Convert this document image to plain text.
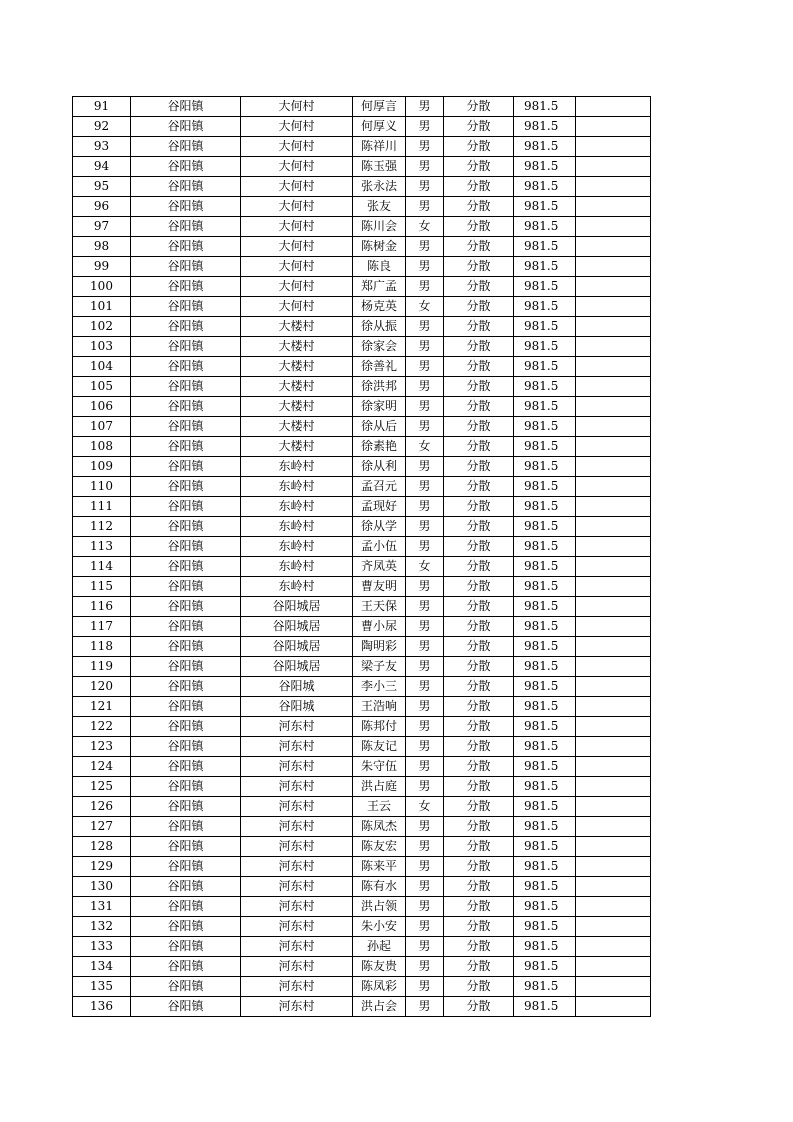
91	谷阳镇	大何村	何厚言	男	分散	981.5	
92	谷阳镇	大何村	何厚义	男	分散	981.5	
93	谷阳镇	大何村	陈祥川	男	分散	981.5	
94	谷阳镇	大何村	陈玉强	男	分散	981.5	
95	谷阳镇	大何村	张永法	男	分散	981.5	
96	谷阳镇	大何村	张友	男	分散	981.5	
97	谷阳镇	大何村	陈川会	女	分散	981.5	
98	谷阳镇	大何村	陈树金	男	分散	981.5	
99	谷阳镇	大何村	陈良	男	分散	981.5	
100	谷阳镇	大何村	郑广孟	男	分散	981.5	
101	谷阳镇	大何村	杨克英	女	分散	981.5	
102	谷阳镇	大楼村	徐从振	男	分散	981.5	
103	谷阳镇	大楼村	徐家会	男	分散	981.5	
104	谷阳镇	大楼村	徐善礼	男	分散	981.5	
105	谷阳镇	大楼村	徐洪邦	男	分散	981.5	
106	谷阳镇	大楼村	徐家明	男	分散	981.5	
107	谷阳镇	大楼村	徐从后	男	分散	981.5	
108	谷阳镇	大楼村	徐素艳	女	分散	981.5	
109	谷阳镇	东岭村	徐从利	男	分散	981.5	
110	谷阳镇	东岭村	孟召元	男	分散	981.5	
111	谷阳镇	东岭村	孟现好	男	分散	981.5	
112	谷阳镇	东岭村	徐从学	男	分散	981.5	
113	谷阳镇	东岭村	孟小伍	男	分散	981.5	
114	谷阳镇	东岭村	齐凤英	女	分散	981.5	
115	谷阳镇	东岭村	曹友明	男	分散	981.5	
116	谷阳镇	谷阳城居	王天保	男	分散	981.5	
117	谷阳镇	谷阳城居	曹小尿	男	分散	981.5	
118	谷阳镇	谷阳城居	陶明彩	男	分散	981.5	
119	谷阳镇	谷阳城居	梁子友	男	分散	981.5	
120	谷阳镇	谷阳城	李小三	男	分散	981.5	
121	谷阳镇	谷阳城	王浩响	男	分散	981.5	
122	谷阳镇	河东村	陈邦付	男	分散	981.5	
123	谷阳镇	河东村	陈友记	男	分散	981.5	
124	谷阳镇	河东村	朱守伍	男	分散	981.5	
125	谷阳镇	河东村	洪占庭	男	分散	981.5	
126	谷阳镇	河东村	王云	女	分散	981.5	
127	谷阳镇	河东村	陈凤杰	男	分散	981.5	
128	谷阳镇	河东村	陈友宏	男	分散	981.5	
129	谷阳镇	河东村	陈来平	男	分散	981.5	
130	谷阳镇	河东村	陈有水	男	分散	981.5	
131	谷阳镇	河东村	洪占领	男	分散	981.5	
132	谷阳镇	河东村	朱小安	男	分散	981.5	
133	谷阳镇	河东村	孙起	男	分散	981.5	
134	谷阳镇	河东村	陈友贵	男	分散	981.5	
135	谷阳镇	河东村	陈凤彩	男	分散	981.5	
136	谷阳镇	河东村	洪占会	男	分散	981.5	
